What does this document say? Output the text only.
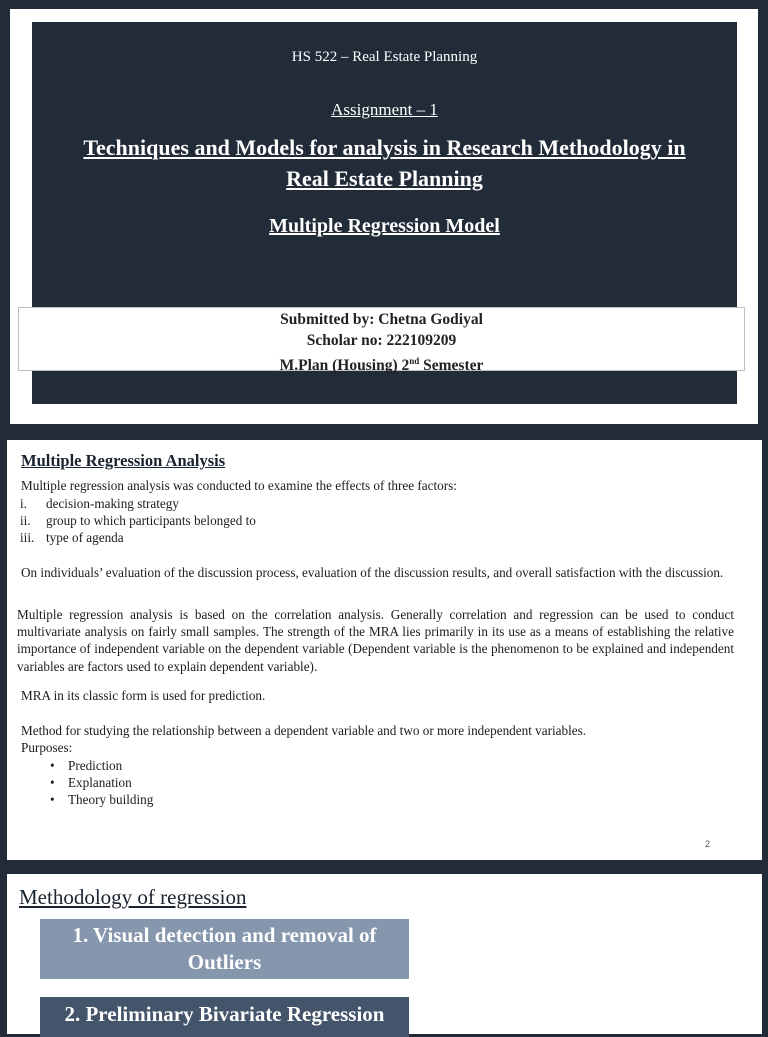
HS 522 – Real Estate Planning
Assignment – 1
Techniques and Models for analysis in Research Methodology in Real Estate Planning
Multiple Regression Model
Submitted by: Chetna Godiyal
Scholar no: 222109209
M.Plan (Housing) 2nd Semester
Multiple Regression Analysis
Multiple regression analysis was conducted to examine the effects of three factors:
i. decision-making strategy
ii. group to which participants belonged to
iii. type of agenda
On individuals’ evaluation of the discussion process, evaluation of the discussion results, and overall satisfaction with the discussion.
Multiple regression analysis is based on the correlation analysis. Generally correlation and regression can be used to conduct multivariate analysis on fairly small samples. The strength of the MRA lies primarily in its use as a means of establishing the relative importance of independent variable on the dependent variable (Dependent variable is the phenomenon to be explained and independent variables are factors used to explain dependent variable).
MRA in its classic form is used for prediction.
Method for studying the relationship between a dependent variable and two or more independent variables.
Purposes:
• Prediction
• Explanation
• Theory building
2
Methodology of regression
1. Visual detection and removal of Outliers
2. Preliminary Bivariate Regression
